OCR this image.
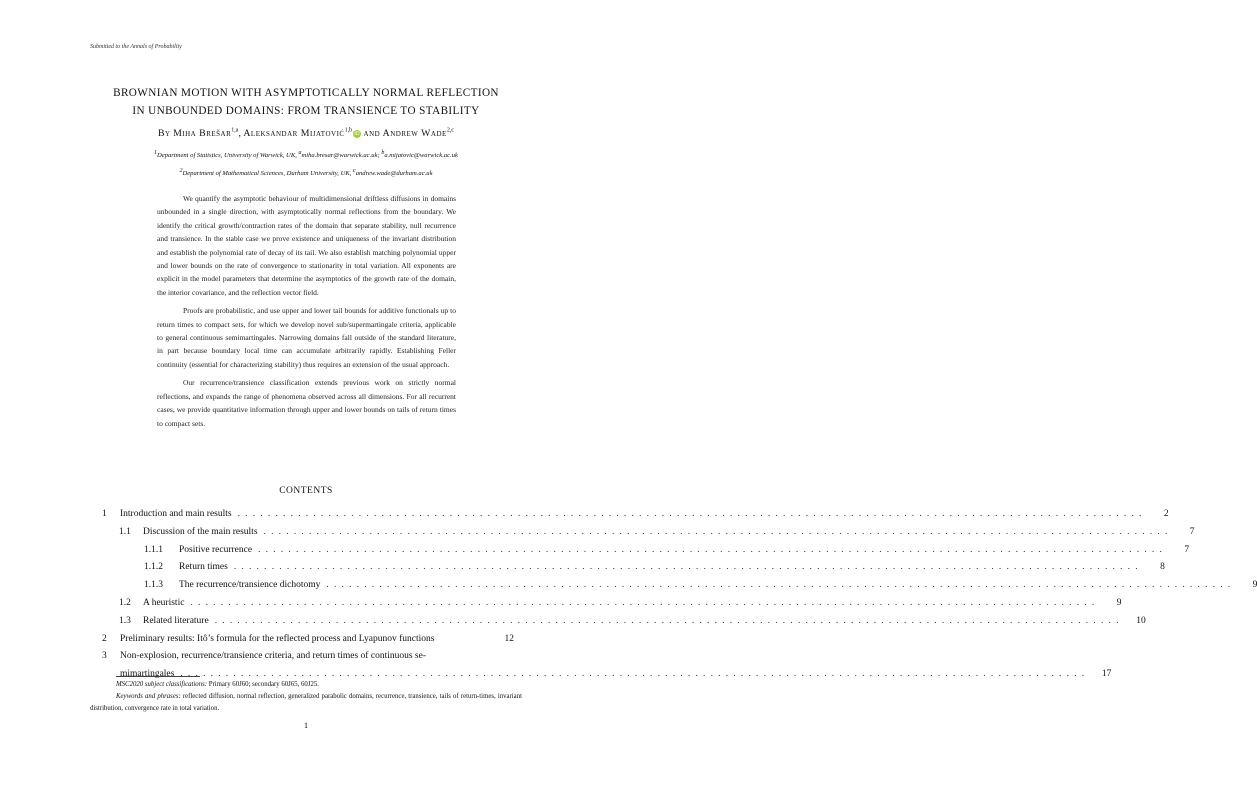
Submitted to the Annals of Probability
BROWNIAN MOTION WITH ASYMPTOTICALLY NORMAL REFLECTION
IN UNBOUNDED DOMAINS: FROM TRANSIENCE TO STABILITY
By Miha Brešar$^{1,a}$, Aleksandar Mijatović$^{1,b}$iD and Andrew Wade$^{2,c}$
1Department of Statistics, University of Warwick, UK, amiha.bresar@warwick.ac.uk; ba.mijatovic@warwick.ac.uk
2Department of Mathematical Sciences, Durham University, UK, candrew.wade@durham.ac.uk

We quantify the asymptotic behaviour of multidimensional driftless diffusions in domains unbounded in a single direction, with asymptotically normal reflections from the boundary. We identify the critical growth/contraction rates of the domain that separate stability, null recurrence and transience. In the stable case we prove existence and uniqueness of the invariant distribution and establish the polynomial rate of decay of its tail. We also establish matching polynomial upper and lower bounds on the rate of convergence to stationarity in total variation. All exponents are explicit in the model parameters that determine the asymptotics of the growth rate of the domain, the interior covariance, and the reflection vector field.

Proofs are probabilistic, and use upper and lower tail bounds for additive functionals up to return times to compact sets, for which we develop novel sub/supermartingale criteria, applicable to general continuous semimartingales. Narrowing domains fall outside of the standard literature, in part because boundary local time can accumulate arbitrarily rapidly. Establishing Feller continuity (essential for characterizing stability) thus requires an extension of the usual approach.

Our recurrence/transience classification extends previous work on strictly normal reflections, and expands the range of phenomena observed across all dimensions. For all recurrent cases, we provide quantitative information through upper and lower bounds on tails of return times to compact sets.

CONTENTS
1	Introduction and main results ........................................................................................................................	2
1.1	Discussion of the main results ........................................................................................................................	7
1.1.1	Positive recurrence ........................................................................................................................	7
1.1.2	Return times ........................................................................................................................	8
1.1.3	The recurrence/transience dichotomy ........................................................................................................................	9
1.2	A heuristic ........................................................................................................................	9
1.3	Related literature ........................................................................................................................	10
2	Preliminary results: Itô’s formula for the reflected process and Lyapunov functions	12
3	Non-explosion, recurrence/transience criteria, and return times of continuous se-
mimartingales ........................................................................................................................	17

MSC2020 subject classifications: Primary 60J60; secondary 60J65, 60J25.

Keywords and phrases: reflected diffusion, normal reflection, generalized parabolic domains, recurrence, transience, tails of return-times, invariant distribution, convergence rate in total variation.

1
